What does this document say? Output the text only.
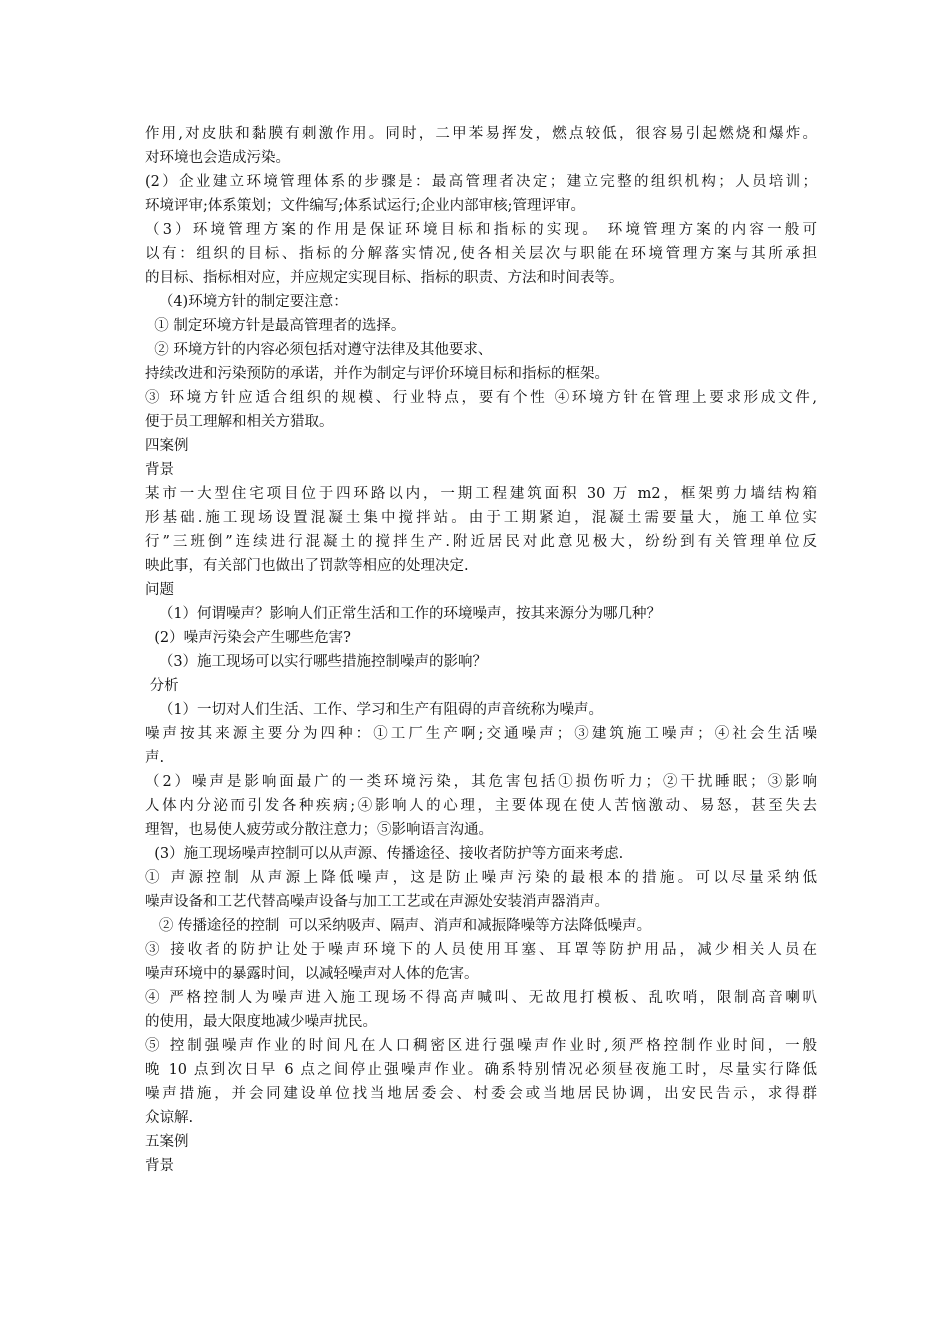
作用,对皮肤和黏膜有刺激作用。同时，二甲苯易挥发，燃点较低，很容易引起燃烧和爆炸。
对环境也会造成污染。
(2）企业建立环境管理体系的步骤是：最高管理者决定；建立完整的组织机构；人员培训；
环境评审;体系策划；文件编写;体系试运行;企业内部审核;管理评审。
（3）环境管理方案的作用是保证环境目标和指标的实现。 环境管理方案的内容一般可
以有：组织的目标、指标的分解落实情况,使各相关层次与职能在环境管理方案与其所承担
的目标、指标相对应，并应规定实现目标、指标的职责、方法和时间表等。
（4)环境方针的制定要注意：
① 制定环境方针是最高管理者的选择。
② 环境方针的内容必须包括对遵守法律及其他要求、
持续改进和污染预防的承诺，并作为制定与评价环境目标和指标的框架。
③ 环境方针应适合组织的规模、行业特点，要有个性 ④环境方针在管理上要求形成文件,
便于员工理解和相关方猎取。
四案例
背景
某市一大型住宅项目位于四环路以内，一期工程建筑面积 30 万 m2，框架剪力墙结构箱
形基础.施工现场设置混凝土集中搅拌站。由于工期紧迫，混凝土需要量大，施工单位实
行”三班倒”连续进行混凝土的搅拌生产.附近居民对此意见极大，纷纷到有关管理单位反
映此事，有关部门也做出了罚款等相应的处理决定.
问题
（1）何谓噪声？影响人们正常生活和工作的环境噪声，按其来源分为哪几种？
(2）噪声污染会产生哪些危害?
（3）施工现场可以实行哪些措施控制噪声的影响？
分析
（1）一切对人们生活、工作、学习和生产有阻碍的声音统称为噪声。
噪声按其来源主要分为四种：①工厂生产啊;交通噪声；③建筑施工噪声；④社会生活噪
声.
（2）噪声是影响面最广的一类环境污染，其危害包括①损伤听力；②干扰睡眠；③影响
人体内分泌而引发各种疾病;④影响人的心理，主要体现在使人苦恼激动、易怒，甚至失去
理智，也易使人疲劳或分散注意力；⑤影响语言沟通。
(3）施工现场噪声控制可以从声源、传播途径、接收者防护等方面来考虑.
① 声源控制 从声源上降低噪声，这是防止噪声污染的最根本的措施。可以尽量采纳低
噪声设备和工艺代替高噪声设备与加工工艺或在声源处安装消声器消声。
② 传播途径的控制  可以采纳吸声、隔声、消声和减振降噪等方法降低噪声。
③ 接收者的防护让处于噪声环境下的人员使用耳塞、耳罩等防护用品，减少相关人员在
噪声环境中的暴露时间，以减轻噪声对人体的危害。
④ 严格控制人为噪声进入施工现场不得高声喊叫、无故甩打模板、乱吹哨，限制高音喇叭
的使用，最大限度地减少噪声扰民。
⑤ 控制强噪声作业的时间凡在人口稠密区进行强噪声作业时,须严格控制作业时间，一般
晚 10 点到次日早 6 点之间停止强噪声作业。确系特别情况必须昼夜施工时，尽量实行降低
噪声措施，并会同建设单位找当地居委会、村委会或当地居民协调，出安民告示，求得群
众谅解.
五案例
背景
